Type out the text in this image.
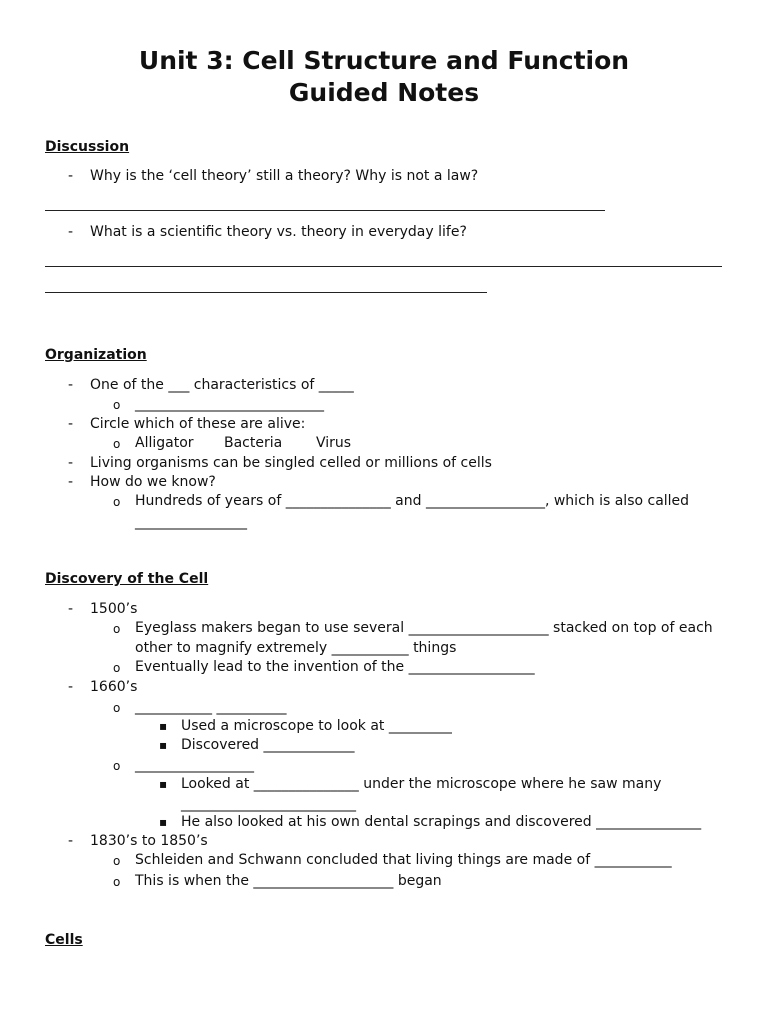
Unit 3: Cell Structure and Function
Guided Notes
Discussion
- Why is the ‘cell theory’ still a theory? Why is not a law?
- What is a scientific theory vs. theory in everyday life?
Organization
- One of the ___ characteristics of _____
o ___________________________
- Circle which of these are alive:
o Alligator Bacteria Virus
- Living organisms can be singled celled or millions of cells
- How do we know?
o Hundreds of years of _______________ and _________________, which is also called
________________
Discovery of the Cell
- 1500’s
o Eyeglass makers began to use several ____________________ stacked on top of each
other to magnify extremely ___________ things
o Eventually lead to the invention of the __________________
- 1660’s
o ___________ __________
▪ Used a microscope to look at _________
▪ Discovered _____________
o _________________
▪ Looked at _______________ under the microscope where he saw many
_________________________
▪ He also looked at his own dental scrapings and discovered _______________
- 1830’s to 1850’s
o Schleiden and Schwann concluded that living things are made of ___________
o This is when the ____________________ began
Cells
